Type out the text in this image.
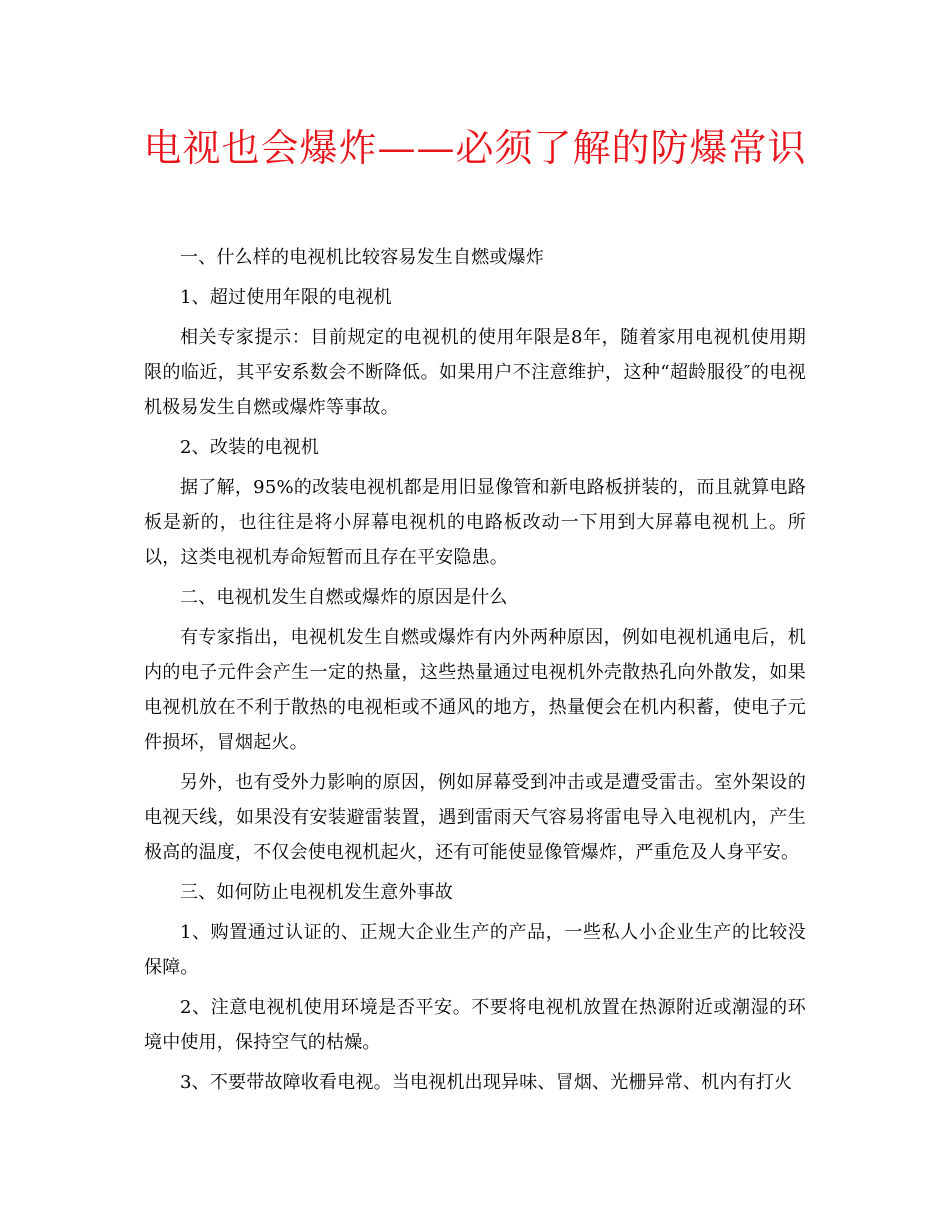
电视也会爆炸——必须了解的防爆常识

一、什么样的电视机比较容易发生自燃或爆炸

1、超过使用年限的电视机

相关专家提示：目前规定的电视机的使用年限是8年，随着家用电视机使用期限的临近，其平安系数会不断降低。如果用户不注意维护，这种“超龄服役″的电视机极易发生自燃或爆炸等事故。

2、改装的电视机

据了解，95%的改装电视机都是用旧显像管和新电路板拼装的，而且就算电路板是新的，也往往是将小屏幕电视机的电路板改动一下用到大屏幕电视机上。所以，这类电视机寿命短暂而且存在平安隐患。

二、电视机发生自燃或爆炸的原因是什么

有专家指出，电视机发生自燃或爆炸有内外两种原因，例如电视机通电后，机内的电子元件会产生一定的热量，这些热量通过电视机外壳散热孔向外散发，如果电视机放在不利于散热的电视柜或不通风的地方，热量便会在机内积蓄，使电子元件损坏，冒烟起火。

另外，也有受外力影响的原因，例如屏幕受到冲击或是遭受雷击。室外架设的电视天线，如果没有安装避雷装置，遇到雷雨天气容易将雷电导入电视机内，产生极高的温度，不仅会使电视机起火，还有可能使显像管爆炸，严重危及人身平安。

三、如何防止电视机发生意外事故

1、购置通过认证的、正规大企业生产的产品，一些私人小企业生产的比较没保障。

2、注意电视机使用环境是否平安。不要将电视机放置在热源附近或潮湿的环境中使用，保持空气的枯燥。

3、不要带故障收看电视。当电视机出现异味、冒烟、光栅异常、机内有打火
